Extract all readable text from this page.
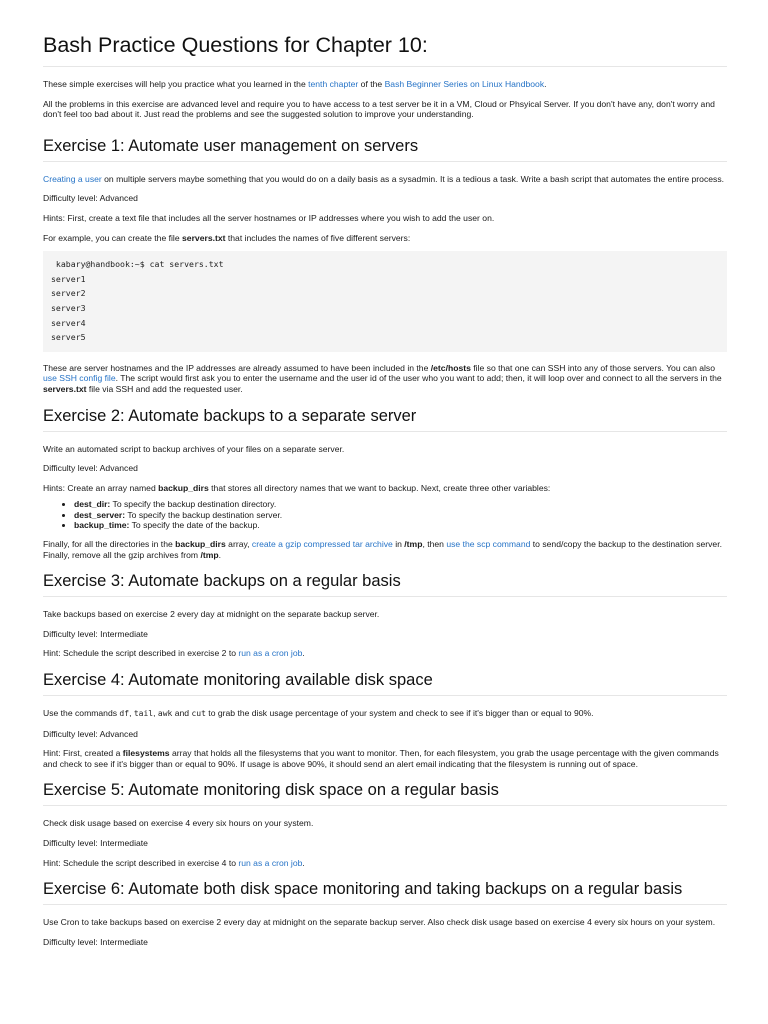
Bash Practice Questions for Chapter 10:

These simple exercises will help you practice what you learned in the tenth chapter of the Bash Beginner Series on Linux Handbook.

All the problems in this exercise are advanced level and require you to have access to a test server be it in a VM, Cloud or Phsyical Server. If you don't have any, don't worry and don't feel too bad about it. Just read the problems and see the suggested solution to improve your understanding.

Exercise 1: Automate user management on servers

Creating a user on multiple servers maybe something that you would do on a daily basis as a sysadmin. It is a tedious a task. Write a bash script that automates the entire process.

Difficulty level: Advanced

Hints: First, create a text file that includes all the server hostnames or IP addresses where you wish to add the user on.

For example, you can create the file servers.txt that includes the names of five different servers:

kabary@handbook:~$ cat servers.txt
server1
server2
server3
server4
server5

These are server hostnames and the IP addresses are already assumed to have been included in the /etc/hosts file so that one can SSH into any of those servers. You can also use SSH config file. The script would first ask you to enter the username and the user id of the user who you want to add; then, it will loop over and connect to all the servers in the servers.txt file via SSH and add the requested user.

Exercise 2: Automate backups to a separate server

Write an automated script to backup archives of your files on a separate server.

Difficulty level: Advanced

Hints: Create an array named backup_dirs that stores all directory names that we want to backup. Next, create three other variables:

• dest_dir: To specify the backup destination directory.
• dest_server: To specify the backup destination server.
• backup_time: To specify the date of the backup.

Finally, for all the directories in the backup_dirs array, create a gzip compressed tar archive in /tmp, then use the scp command to send/copy the backup to the destination server. Finally, remove all the gzip archives from /tmp.

Exercise 3: Automate backups on a regular basis

Take backups based on exercise 2 every day at midnight on the separate backup server.

Difficulty level: Intermediate

Hint: Schedule the script described in exercise 2 to run as a cron job.

Exercise 4: Automate monitoring available disk space

Use the commands df, tail, awk and cut to grab the disk usage percentage of your system and check to see if it's bigger than or equal to 90%.

Difficulty level: Advanced

Hint: First, created a filesystems array that holds all the filesystems that you want to monitor. Then, for each filesystem, you grab the usage percentage with the given commands and check to see if it's bigger than or equal to 90%. If usage is above 90%, it should send an alert email indicating that the filesystem is running out of space.

Exercise 5: Automate monitoring disk space on a regular basis

Check disk usage based on exercise 4 every six hours on your system.

Difficulty level: Intermediate

Hint: Schedule the script described in exercise 4 to run as a cron job.

Exercise 6: Automate both disk space monitoring and taking backups on a regular basis

Use Cron to take backups based on exercise 2 every day at midnight on the separate backup server. Also check disk usage based on exercise 4 every six hours on your system.

Difficulty level: Intermediate
